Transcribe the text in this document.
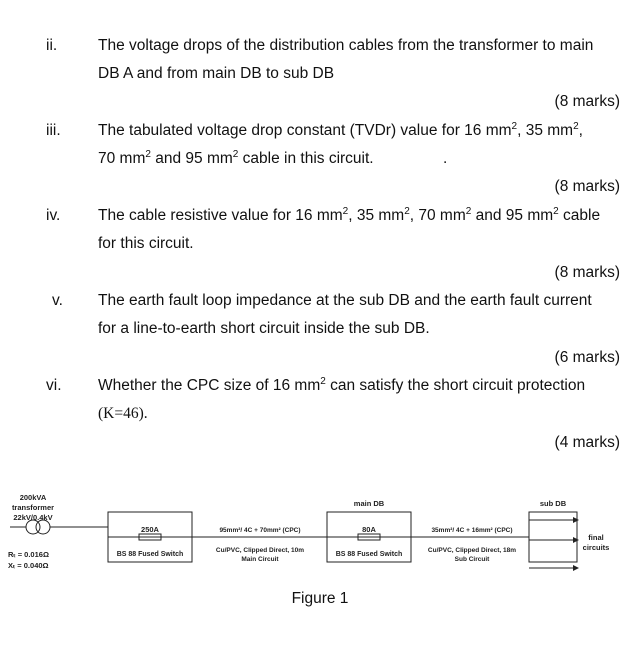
ii.	The voltage drops of the distribution cables from the transformer to main
DB A and from main DB to sub DB
(8 marks)
iii. The tabulated voltage drop constant (TVDr) value for 16 $mm^2$, 35 $mm^2$,
70 $mm^2$ and 95 $mm^2$ cable in this circuit.	.
(8 marks)
iv. The cable resistive value for 16 $mm^2$, 35 $mm^2$, 70 $mm^2$ and 95 $mm^2$ cable
for this circuit.
(8 marks)
v. The earth fault loop impedance at the sub DB and the earth fault current
for a line-to-earth short circuit inside the sub DB.
(6 marks)
vi. Whether the CPC size of 16 $mm^2$ can satisfy the short circuit protection
(K=46).
(4 marks)
200kVA
transformer
22kV/0.4kV
Rₜ = 0.016Ω
Xₜ = 0.040Ω
250A
BS 88 Fused Switch
95mm²/ 4C + 70mm² (CPC)
Cu/PVC, Clipped Direct, 10m
Main Circuit
main DB
80A
BS 88 Fused Switch
35mm²/ 4C + 16mm² (CPC)
Cu/PVC, Clipped Direct, 18m
Sub Circuit
sub DB
final
circuits
Figure 1
